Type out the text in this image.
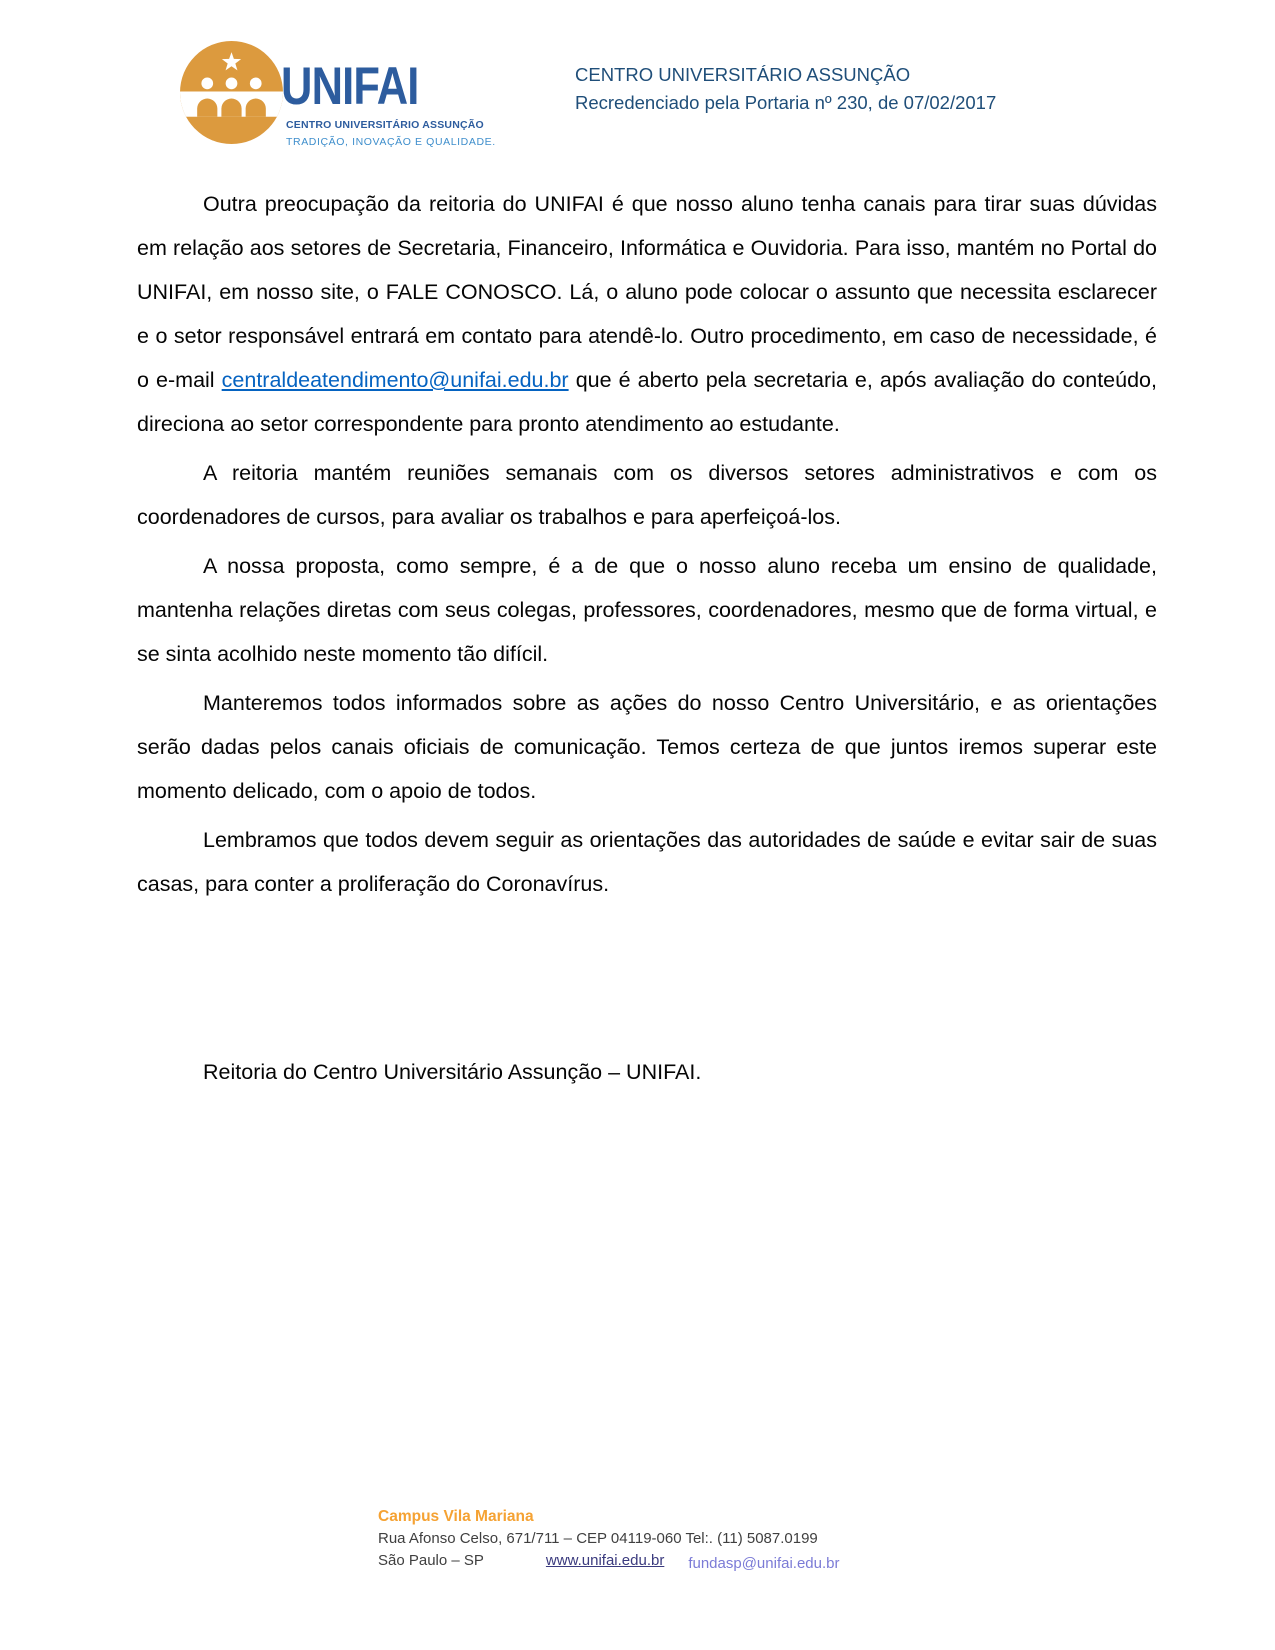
UNIFAI
CENTRO UNIVERSITÁRIO ASSUNÇÃO
TRADIÇÃO, INOVAÇÃO E QUALIDADE.
CENTRO UNIVERSITÁRIO ASSUNÇÃO
Recredenciado pela Portaria nº 230, de 07/02/2017

Outra preocupação da reitoria do UNIFAI é que nosso aluno tenha canais para tirar suas dúvidas em relação aos setores de Secretaria, Financeiro, Informática e Ouvidoria. Para isso, mantém no Portal do UNIFAI, em nosso site, o FALE CONOSCO. Lá, o aluno pode colocar o assunto que necessita esclarecer e o setor responsável entrará em contato para atendê-lo. Outro procedimento, em caso de necessidade, é o e-mail centraldeatendimento@unifai.edu.br que é aberto pela secretaria e, após avaliação do conteúdo, direciona ao setor correspondente para pronto atendimento ao estudante.

A reitoria mantém reuniões semanais com os diversos setores administrativos e com os coordenadores de cursos, para avaliar os trabalhos e para aperfeiçoá-los.

A nossa proposta, como sempre, é a de que o nosso aluno receba um ensino de qualidade, mantenha relações diretas com seus colegas, professores, coordenadores, mesmo que de forma virtual, e se sinta acolhido neste momento tão difícil.

Manteremos todos informados sobre as ações do nosso Centro Universitário, e as orientações serão dadas pelos canais oficiais de comunicação. Temos certeza de que juntos iremos superar este momento delicado, com o apoio de todos.

Lembramos que todos devem seguir as orientações das autoridades de saúde e evitar sair de suas casas, para conter a proliferação do Coronavírus.

Reitoria do Centro Universitário Assunção – UNIFAI.
Campus Vila Mariana
Rua Afonso Celso, 671/711 – CEP 04119-060 Tel:. (11) 5087.0199
São Paulo – SP	www.unifai.edu.br fundasp@unifai.edu.br
